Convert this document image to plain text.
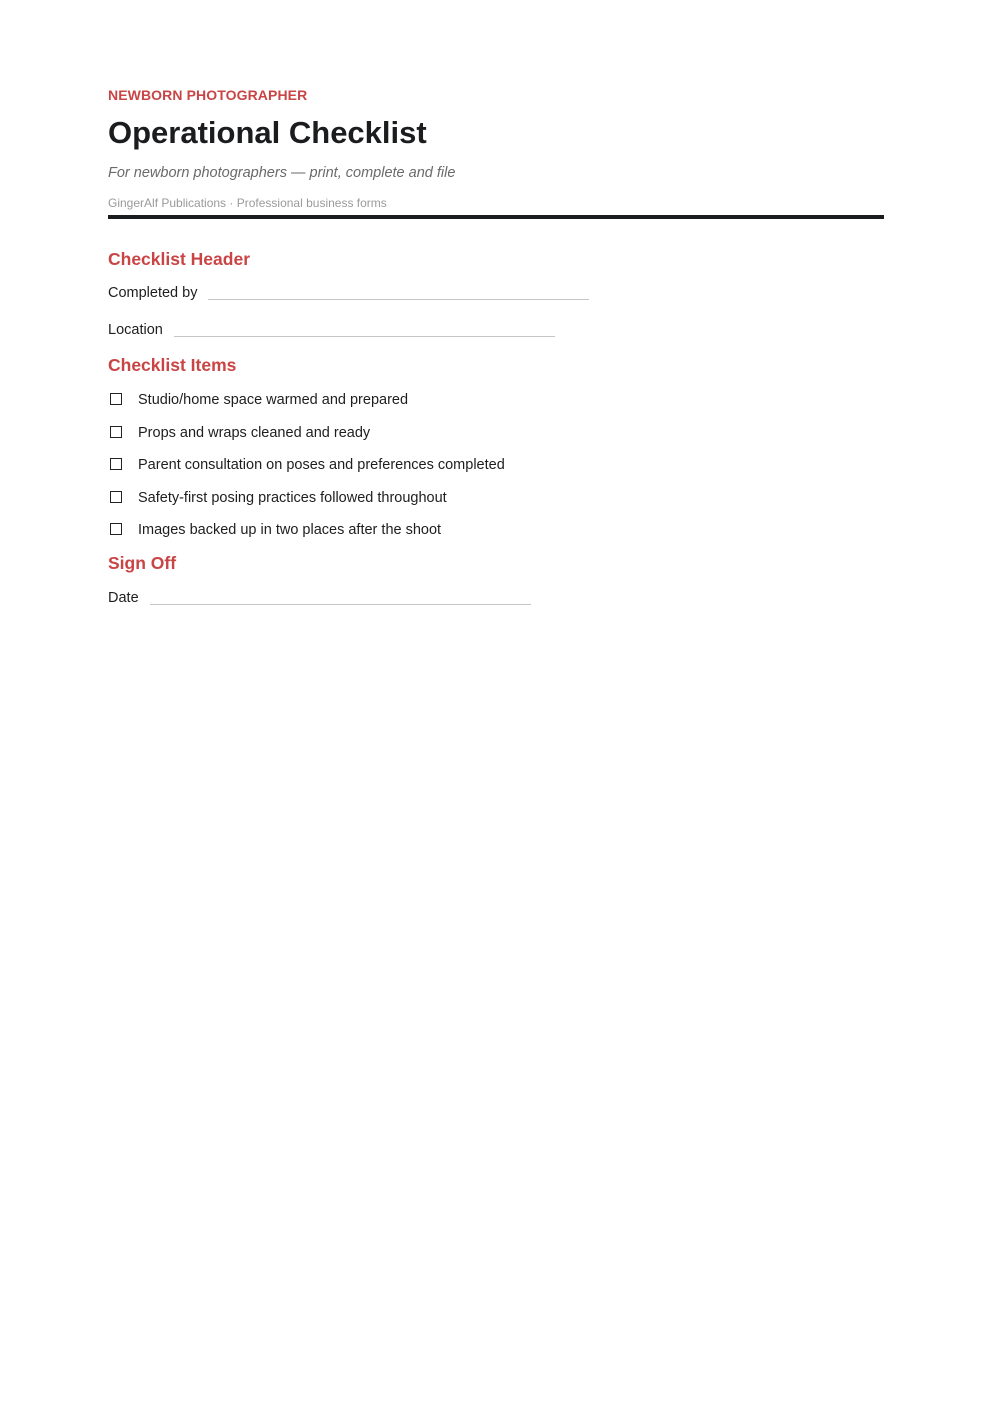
NEWBORN PHOTOGRAPHER
Operational Checklist
For newborn photographers — print, complete and file
GingerAlf Publications · Professional business forms
Checklist Header
Completed by
Location
Checklist Items
Studio/home space warmed and prepared
Props and wraps cleaned and ready
Parent consultation on poses and preferences completed
Safety-first posing practices followed throughout
Images backed up in two places after the shoot
Sign Off
Date
